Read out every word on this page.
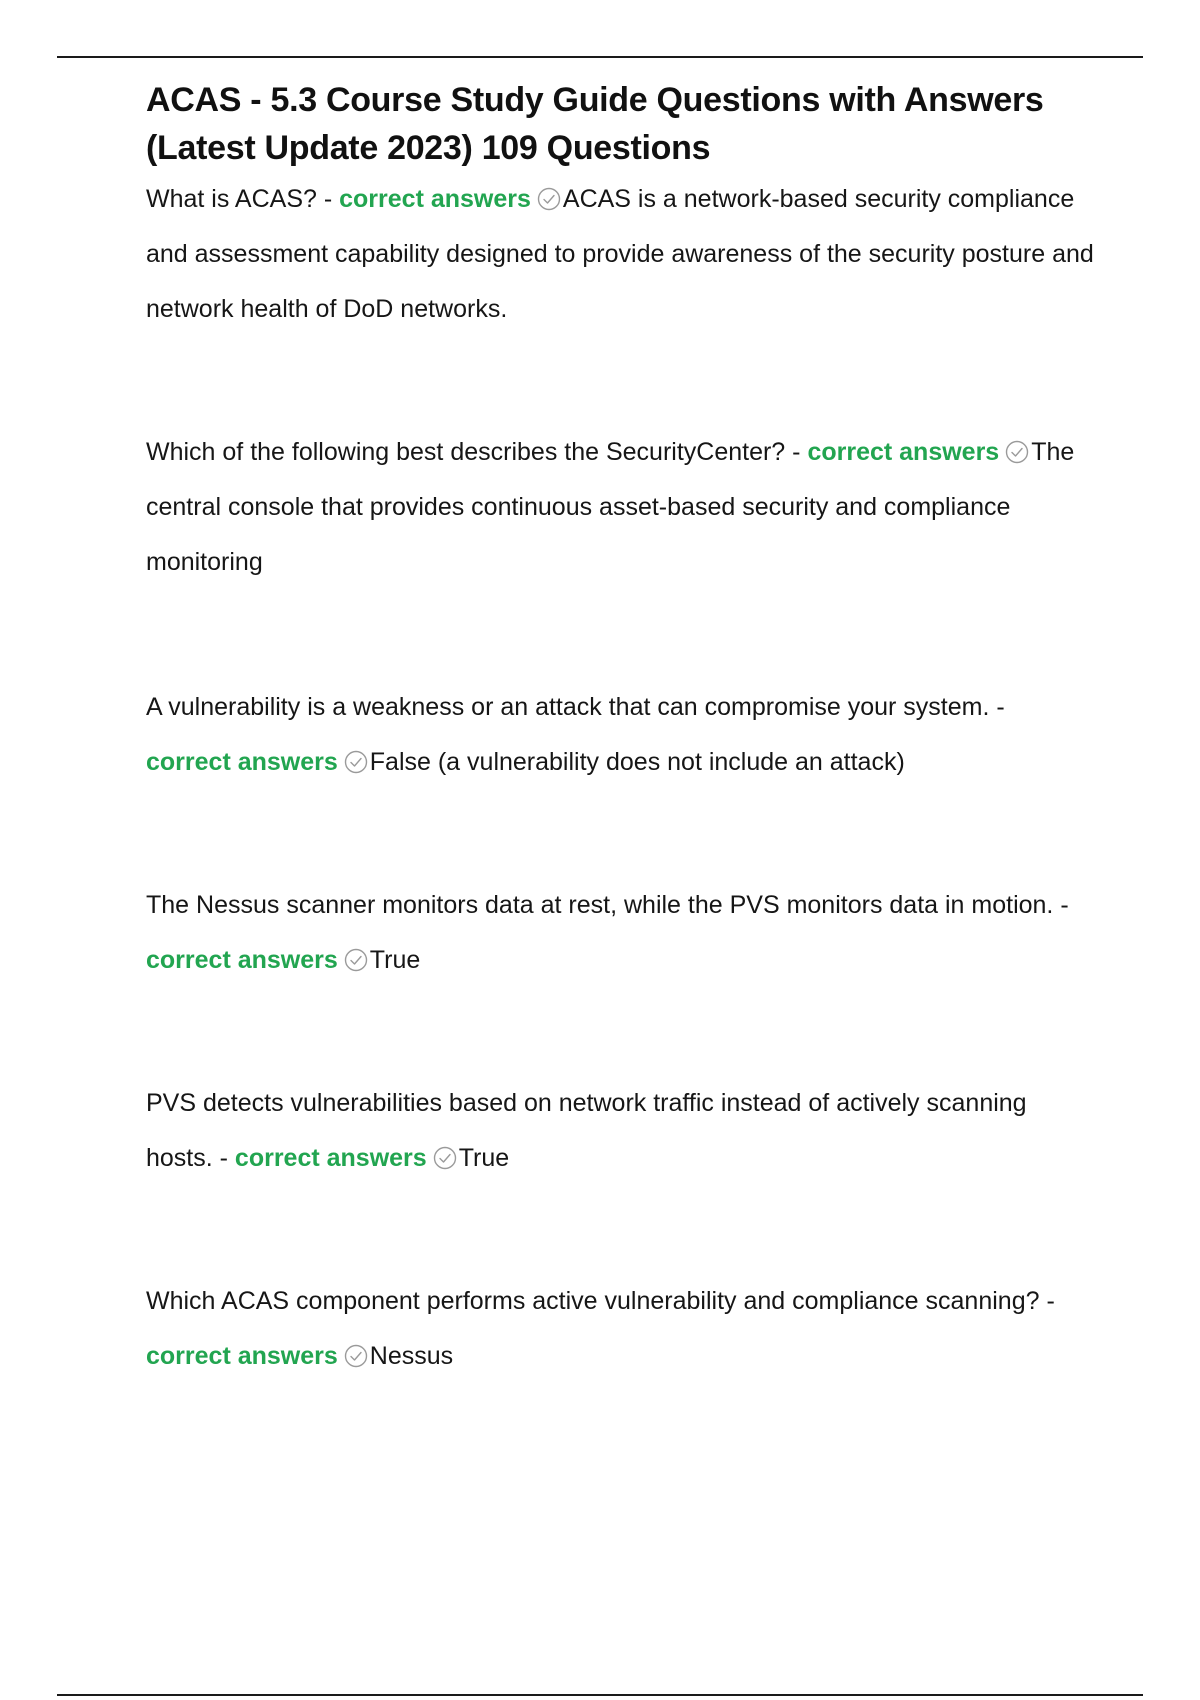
ACAS - 5.3 Course Study Guide Questions with Answers (Latest Update 2023) 109 Questions

What is ACAS? - correct answers ACAS is a network-based security compliance and assessment capability designed to provide awareness of the security posture and network health of DoD networks.

Which of the following best describes the SecurityCenter? - correct answers The central console that provides continuous asset-based security and compliance monitoring

A vulnerability is a weakness or an attack that can compromise your system. - correct answers False (a vulnerability does not include an attack)

The Nessus scanner monitors data at rest, while the PVS monitors data in motion. - correct answers True

PVS detects vulnerabilities based on network traffic instead of actively scanning hosts. - correct answers True

Which ACAS component performs active vulnerability and compliance scanning? - correct answers Nessus
